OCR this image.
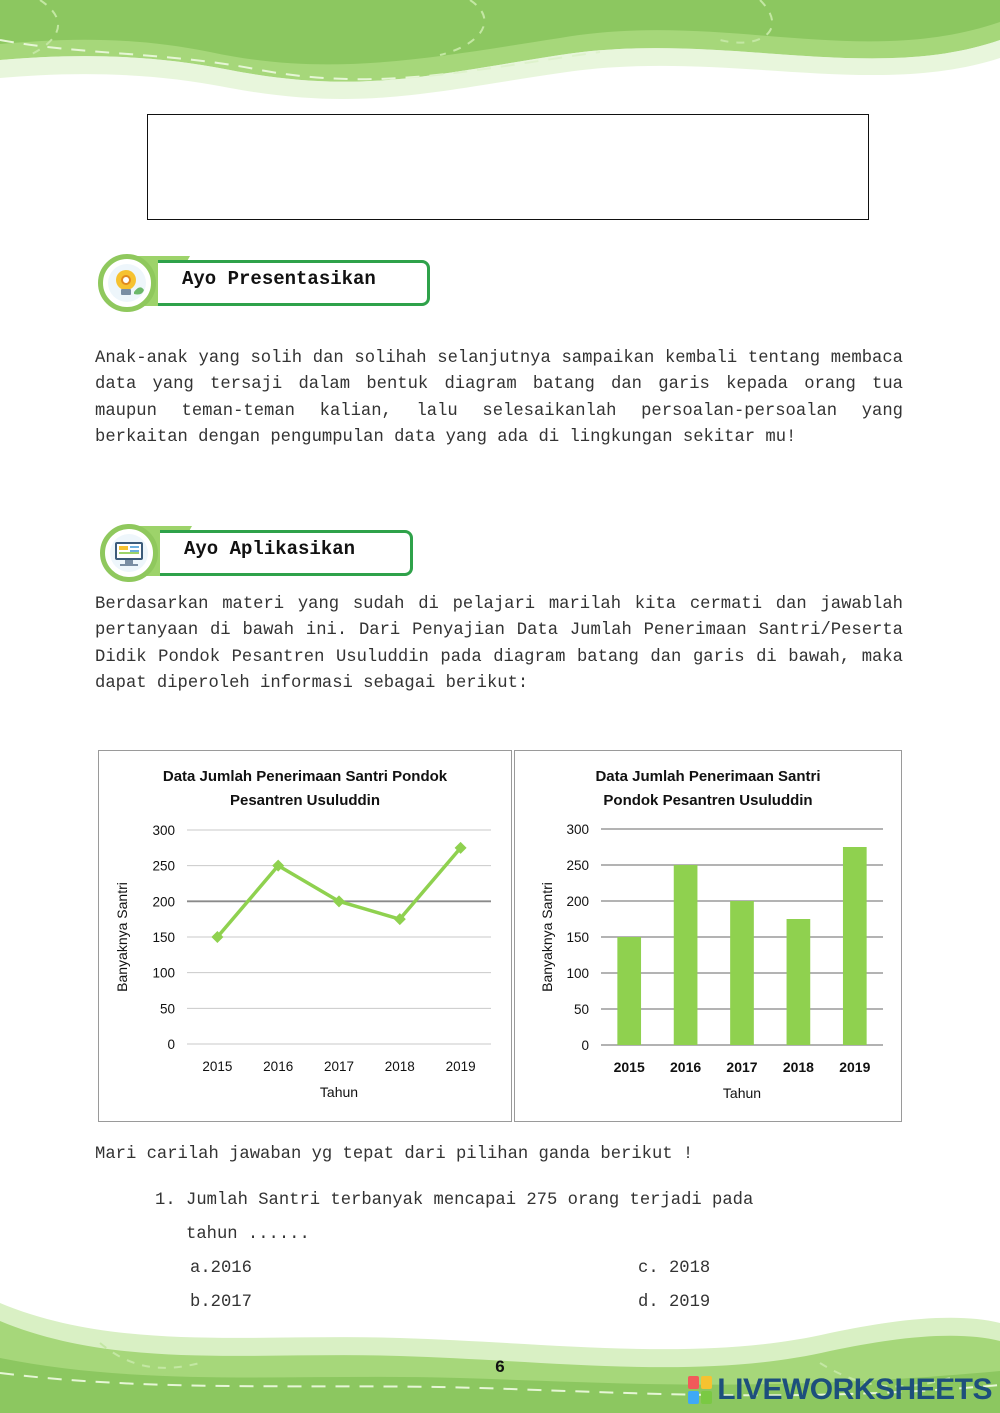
Ayo Presentasikan

Anak-anak yang solih dan solihah selanjutnya sampaikan kembali tentang membaca data yang tersaji dalam bentuk diagram batang dan garis kepada orang tua maupun teman-teman kalian, lalu selesaikanlah persoalan-persoalan yang berkaitan dengan pengumpulan data yang ada di lingkungan sekitar mu!

Ayo Aplikasikan

Berdasarkan materi yang sudah di pelajari marilah kita cermati dan jawablah pertanyaan di bawah ini. Dari Penyajian Data Jumlah Penerimaan Santri/Peserta Didik Pondok Pesantren Usuluddin pada diagram batang dan garis di bawah, maka dapat diperoleh informasi sebagai berikut:

Data Jumlah Penerimaan Santri Pondok
Pesantren Usuluddin
0
50
100
150
200
250
300
2015 2016 2017 2018 2019
Tahun
Banyaknya Santri
Data Jumlah Penerimaan Santri
Pondok Pesantren Usuluddin
0
50
100
150
200
250
300
2015 2016 2017 2018 2019
Tahun
Banyaknya Santri
Mari carilah jawaban yg tepat dari pilihan ganda berikut !
1. Jumlah Santri terbanyak mencapai 275 orang terjadi pada
tahun ......
a.2016
b.2017
c. 2018
d. 2019
6
LIVEWORKSHEETS
